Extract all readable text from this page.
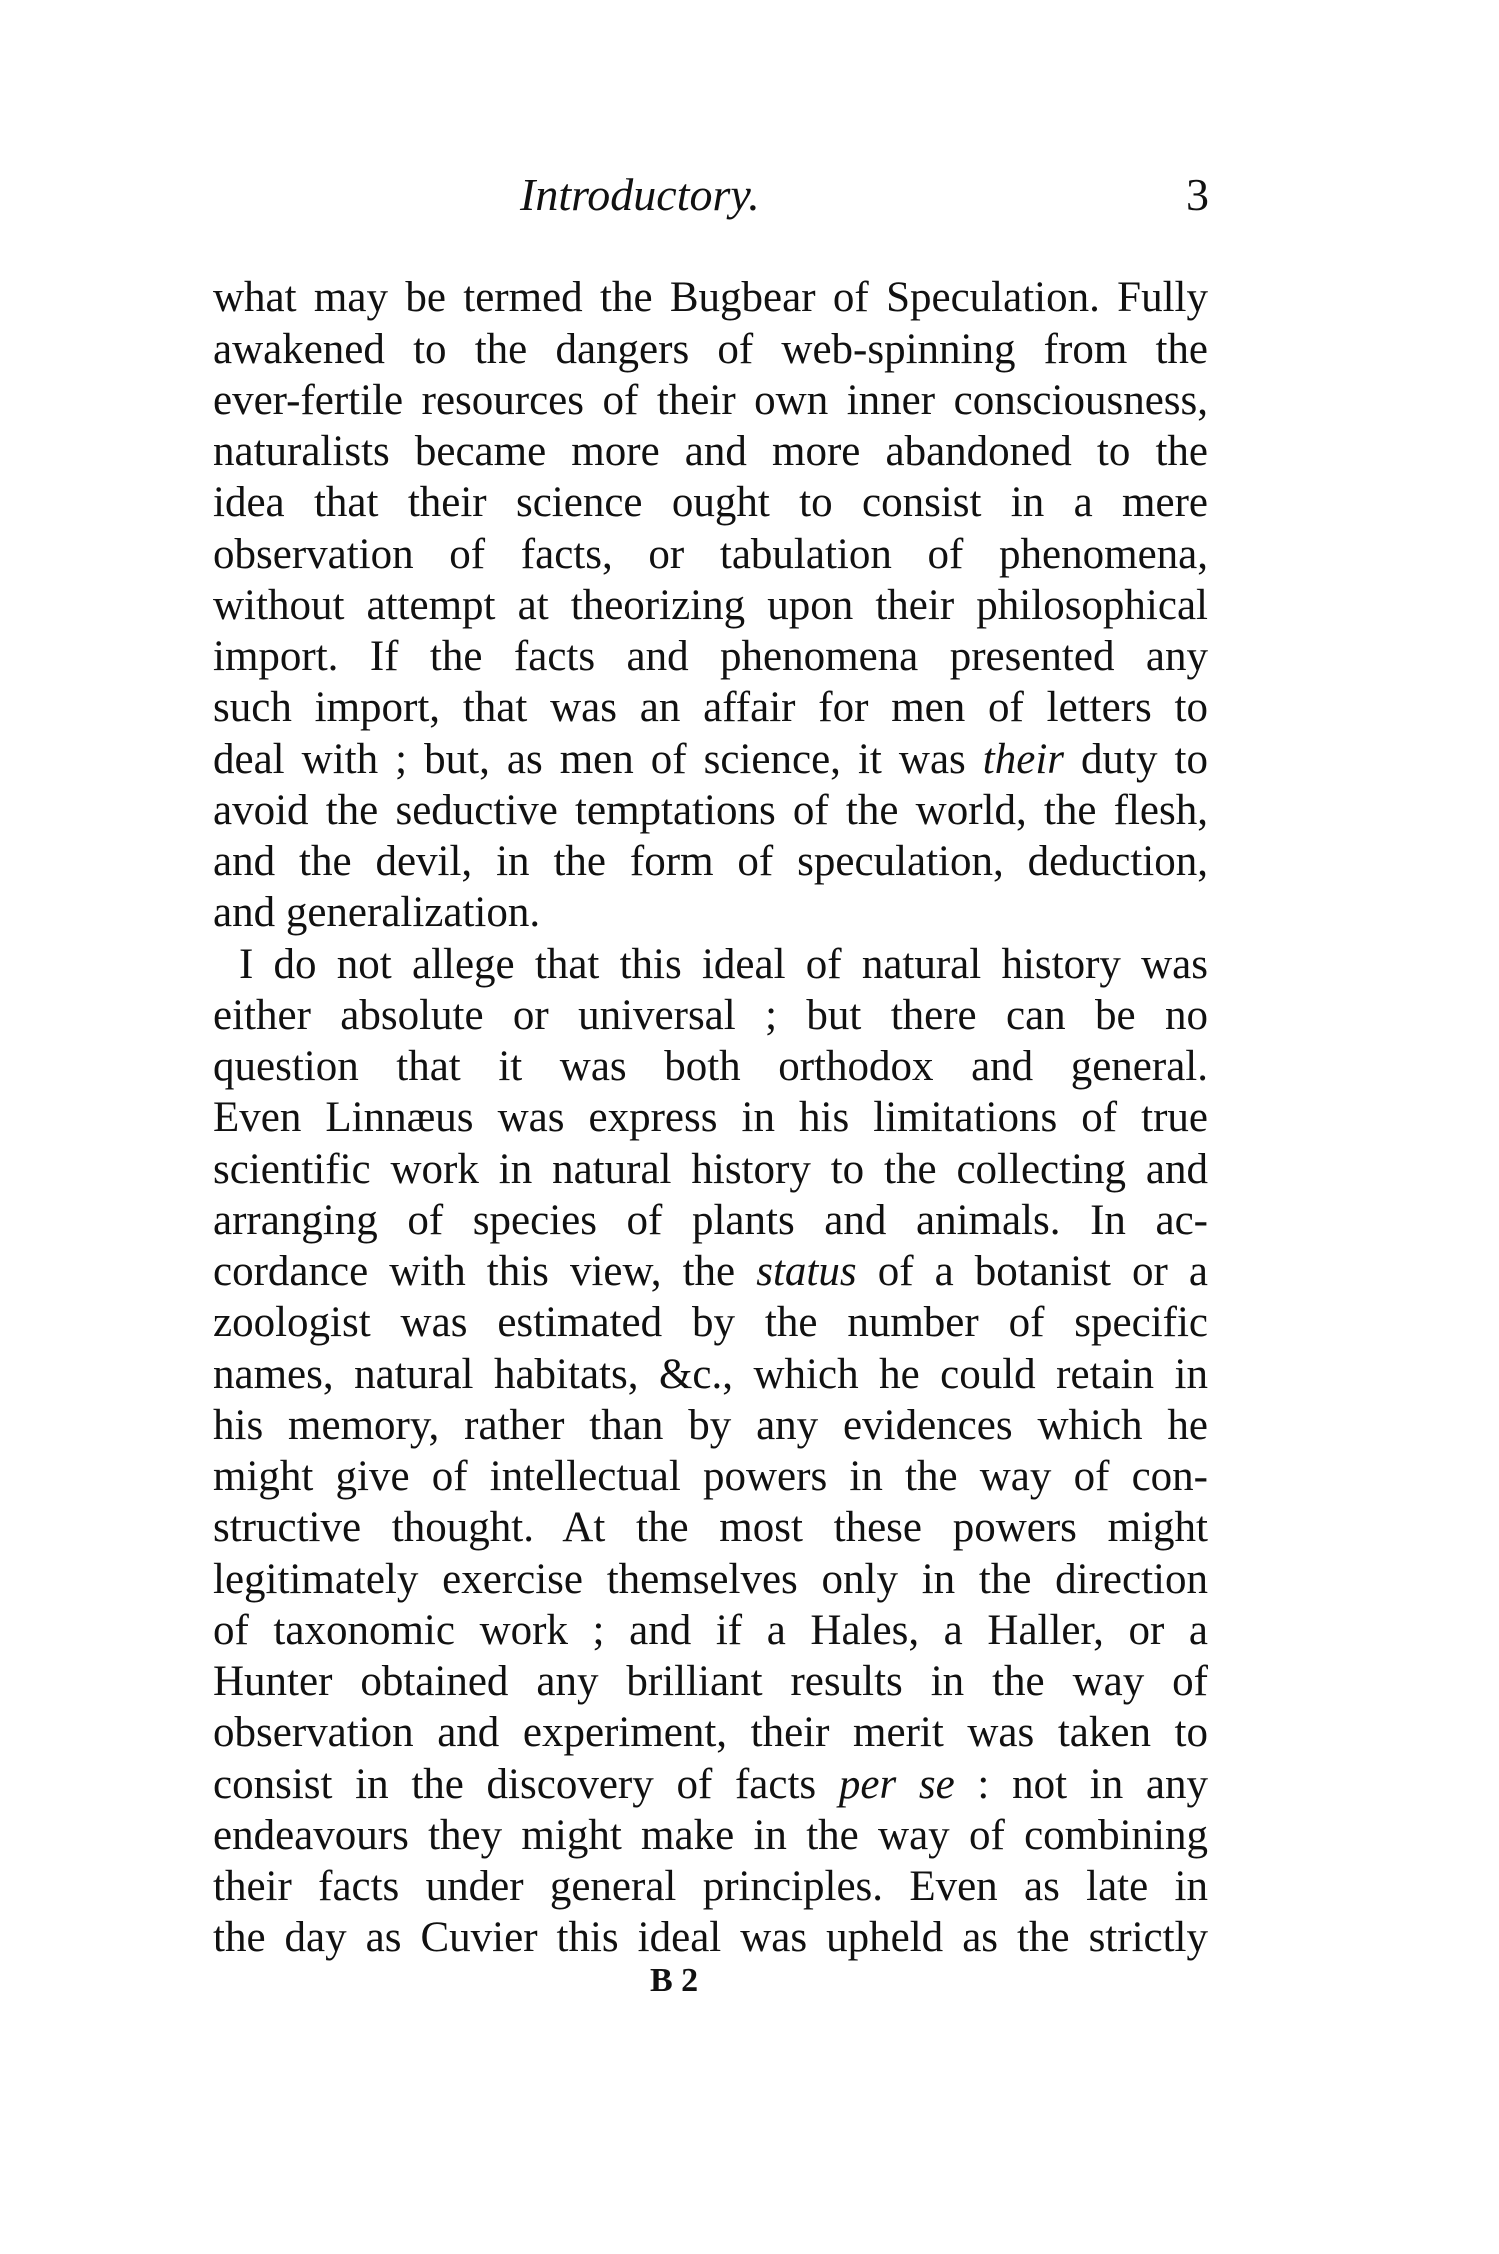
Introductory.	3
what may be termed the Bugbear of Speculation. Fully
awakened to the dangers of web-spinning from the
ever-fertile resources of their own inner consciousness,
naturalists became more and more abandoned to the
idea that their science ought to consist in a mere
observation of facts, or tabulation of phenomena,
without attempt at theorizing upon their philosophical
import. If the facts and phenomena presented any
such import, that was an affair for men of letters to
deal with ; but, as men of science, it was their duty to
avoid the seductive temptations of the world, the flesh,
and the devil, in the form of speculation, deduction,
and generalization.
I do not allege that this ideal of natural history was
either absolute or universal ; but there can be no
question that it was both orthodox and general.
Even Linnæus was express in his limitations of true
scientific work in natural history to the collecting and
arranging of species of plants and animals. In ac-
cordance with this view, the status of a botanist or a
zoologist was estimated by the number of specific
names, natural habitats, &c., which he could retain in
his memory, rather than by any evidences which he
might give of intellectual powers in the way of con-
structive thought. At the most these powers might
legitimately exercise themselves only in the direction
of taxonomic work ; and if a Hales, a Haller, or a
Hunter obtained any brilliant results in the way of
observation and experiment, their merit was taken to
consist in the discovery of facts per se : not in any
endeavours they might make in the way of combining
their facts under general principles. Even as late in
the day as Cuvier this ideal was upheld as the strictly
B 2
